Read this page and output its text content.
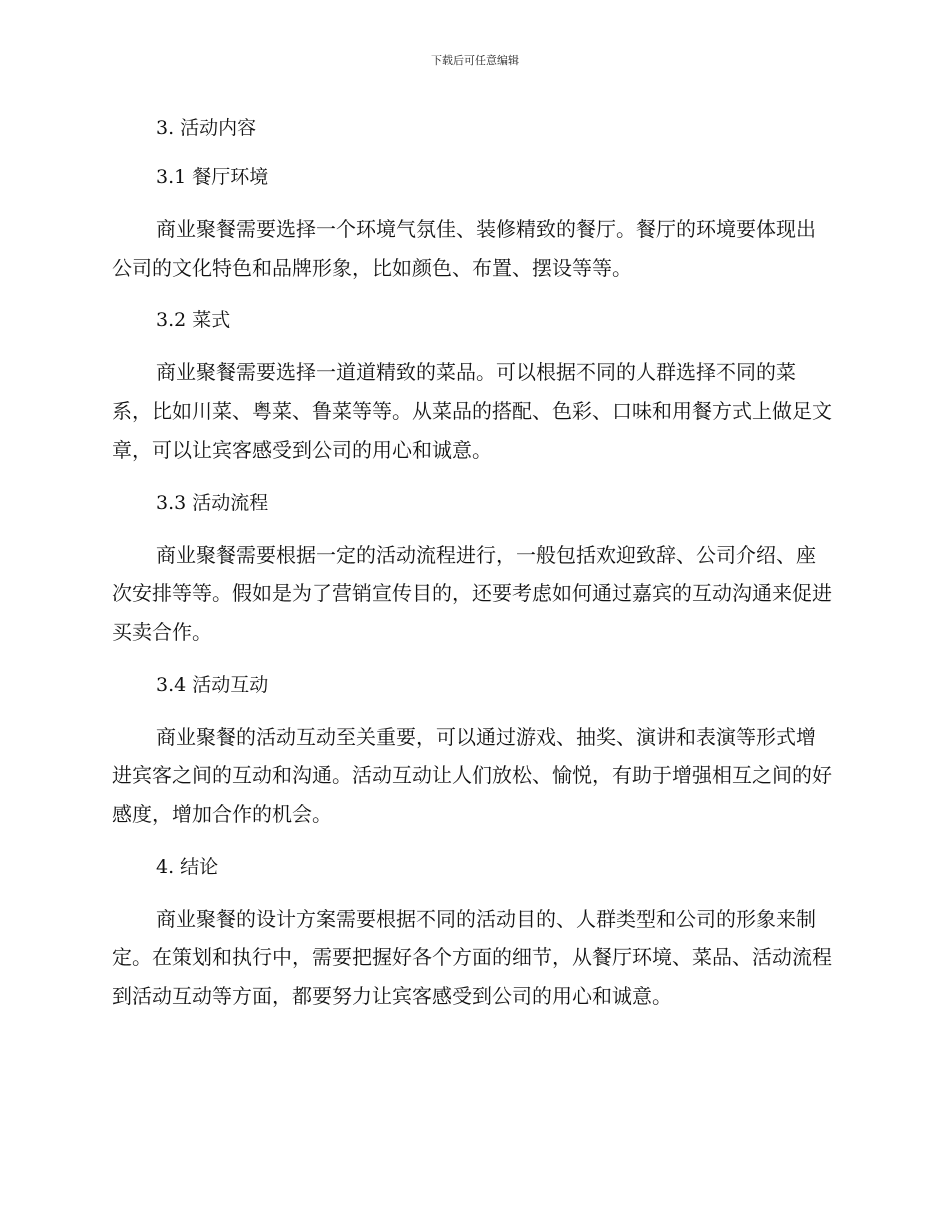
下载后可任意编辑
3. 活动内容
3.1 餐厅环境

商业聚餐需要选择一个环境气氛佳、装修精致的餐厅。餐厅的环境要体现出公司的文化特色和品牌形象，比如颜色、布置、摆设等等。

3.2 菜式

商业聚餐需要选择一道道精致的菜品。可以根据不同的人群选择不同的菜系，比如川菜、粤菜、鲁菜等等。从菜品的搭配、色彩、口味和用餐方式上做足文章，可以让宾客感受到公司的用心和诚意。

3.3 活动流程

商业聚餐需要根据一定的活动流程进行，一般包括欢迎致辞、公司介绍、座次安排等等。假如是为了营销宣传目的，还要考虑如何通过嘉宾的互动沟通来促进买卖合作。

3.4 活动互动

商业聚餐的活动互动至关重要，可以通过游戏、抽奖、演讲和表演等形式增进宾客之间的互动和沟通。活动互动让人们放松、愉悦，有助于增强相互之间的好感度，增加合作的机会。

4. 结论

商业聚餐的设计方案需要根据不同的活动目的、人群类型和公司的形象来制定。在策划和执行中，需要把握好各个方面的细节，从餐厅环境、菜品、活动流程到活动互动等方面，都要努力让宾客感受到公司的用心和诚意。
